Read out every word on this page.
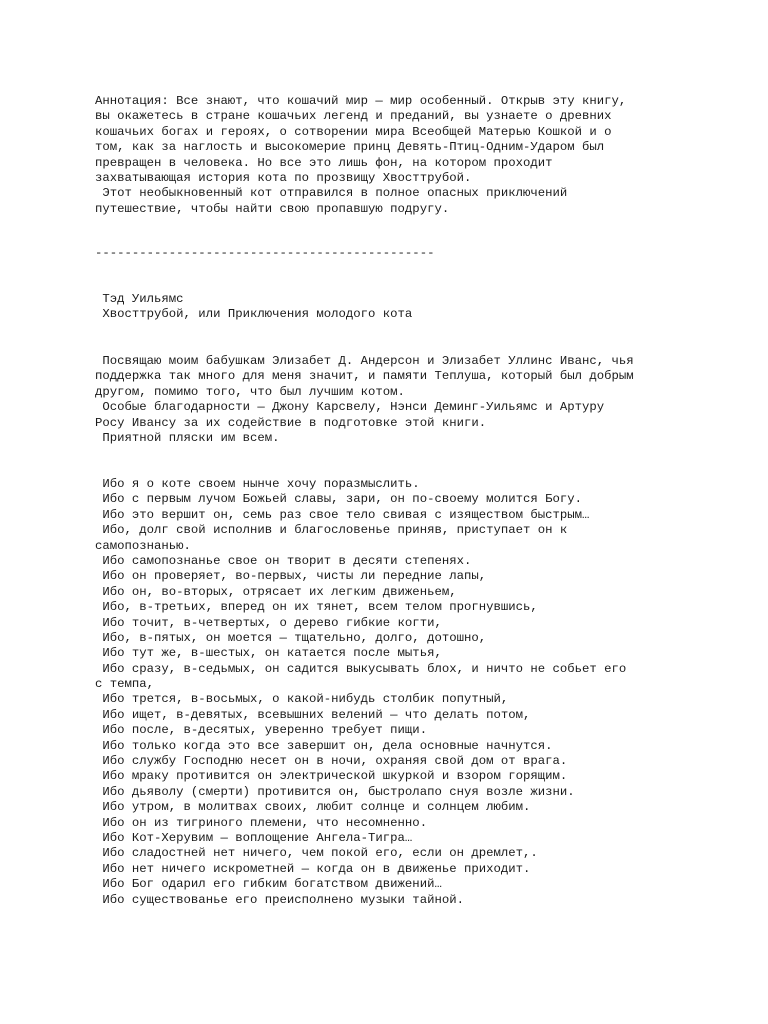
Аннотация: Все знают, что кошачий мир — мир особенный. Открыв эту книгу,
вы окажетесь в стране кошачьих легенд и преданий, вы узнаете о древних
кошачьих богах и героях, о сотворении мира Всеобщей Матерью Кошкой и о
том, как за наглость и высокомерие принц Девять-Птиц-Одним-Ударом был
превращен в человека. Но все это лишь фон, на котором проходит
захватывающая история кота по прозвищу Хвосттрубой.
Этот необыкновенный кот отправился в полное опасных приключений
путешествие, чтобы найти свою пропавшую подругу.
----------------------------------------------
Тэд Уильямс
Хвосттрубой, или Приключения молодого кота
Посвящаю моим бабушкам Элизабет Д. Андерсон и Элизабет Уллинс Иванс, чья
поддержка так много для меня значит, и памяти Теплуша, который был добрым
другом, помимо того, что был лучшим котом.
Особые благодарности — Джону Карсвелу, Нэнси Деминг-Уильямс и Артуру
Росу Ивансу за их содействие в подготовке этой книги.
Приятной пляски им всем.
Ибо я о коте своем нынче хочу поразмыслить.
Ибо с первым лучом Божьей славы, зари, он по-своему молится Богу.
Ибо это вершит он, семь раз свое тело свивая с изяществом быстрым…
Ибо, долг свой исполнив и благословенье приняв, приступает он к
самопознанью.
Ибо самопознанье свое он творит в десяти степенях.
Ибо он проверяет, во-первых, чисты ли передние лапы,
Ибо он, во-вторых, отрясает их легким движеньем,
Ибо, в-третьих, вперед он их тянет, всем телом прогнувшись,
Ибо точит, в-четвертых, о дерево гибкие когти,
Ибо, в-пятых, он моется — тщательно, долго, дотошно,
Ибо тут же, в-шестых, он катается после мытья,
Ибо сразу, в-седьмых, он садится выкусывать блох, и ничто не собьет его
с темпа,
Ибо трется, в-восьмых, о какой-нибудь столбик попутный,
Ибо ищет, в-девятых, всевышних велений — что делать потом,
Ибо после, в-десятых, уверенно требует пищи.
Ибо только когда это все завершит он, дела основные начнутся.
Ибо службу Господню несет он в ночи, охраняя свой дом от врага.
Ибо мраку противится он электрической шкуркой и взором горящим.
Ибо дьяволу (смерти) противится он, быстролапо снуя возле жизни.
Ибо утром, в молитвах своих, любит солнце и солнцем любим.
Ибо он из тигриного племени, что несомненно.
Ибо Кот-Херувим — воплощение Ангела-Тигра…
Ибо сладостней нет ничего, чем покой его, если он дремлет,.
Ибо нет ничего искрометней — когда он в движенье приходит.
Ибо Бог одарил его гибким богатством движений…
Ибо существованье его преисполнено музыки тайной.
